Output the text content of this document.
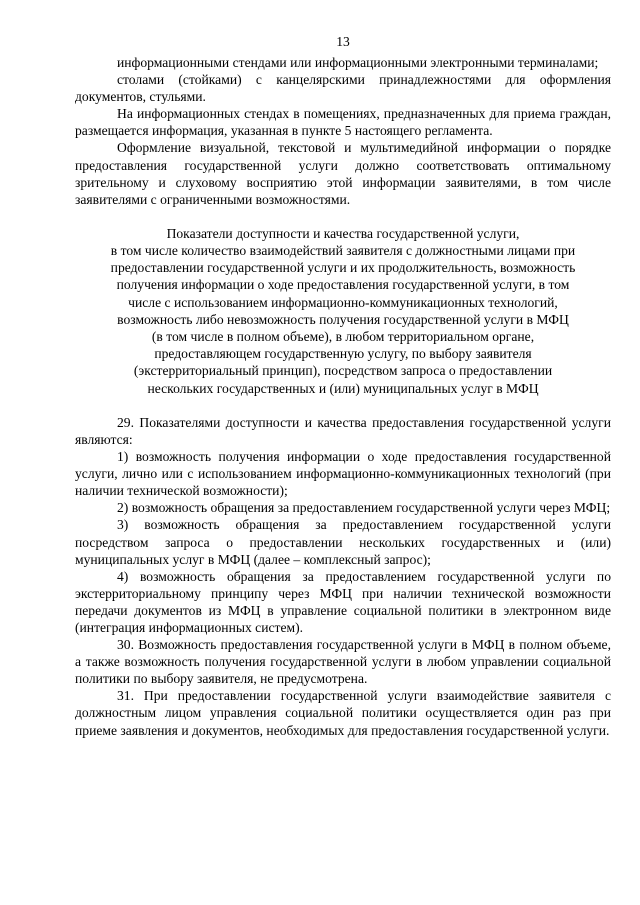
13

информационными стендами или информационными электронными терминалами;

столами (стойками) с канцелярскими принадлежностями для оформления документов, стульями.

На информационных стендах в помещениях, предназначенных для приема граждан, размещается информация, указанная в пункте 5 настоящего регламента.

Оформление визуальной, текстовой и мультимедийной информации о порядке предоставления государственной услуги должно соответствовать оптимальному зрительному и слуховому восприятию этой информации заявителями, в том числе заявителями с ограниченными возможностями.

Показатели доступности и качества государственной услуги,
в том числе количество взаимодействий заявителя с должностными лицами при
предоставлении государственной услуги и их продолжительность, возможность
получения информации о ходе предоставления государственной услуги, в том
числе с использованием информационно-коммуникационных технологий,
возможность либо невозможность получения государственной услуги в МФЦ
(в том числе в полном объеме), в любом территориальном органе,
предоставляющем государственную услугу, по выбору заявителя
(экстерриториальный принцип), посредством запроса о предоставлении
нескольких государственных и (или) муниципальных услуг в МФЦ

29. Показателями доступности и качества предоставления государственной услуги являются:

1) возможность получения информации о ходе предоставления государственной услуги, лично или с использованием информационно-коммуникационных технологий (при наличии технической возможности);

2) возможность обращения за предоставлением государственной услуги через МФЦ;

3) возможность обращения за предоставлением государственной услуги посредством запроса о предоставлении нескольких государственных и (или) муниципальных услуг в МФЦ (далее – комплексный запрос);

4) возможность обращения за предоставлением государственной услуги по экстерриториальному принципу через МФЦ при наличии технической возможности передачи документов из МФЦ в управление социальной политики в электронном виде (интеграция информационных систем).

30. Возможность предоставления государственной услуги в МФЦ в полном объеме, а также возможность получения государственной услуги в любом управлении социальной политики по выбору заявителя, не предусмотрена.

31. При предоставлении государственной услуги взаимодействие заявителя с должностным лицом управления социальной политики осуществляется один раз при приеме заявления и документов, необходимых для предоставления государственной услуги.
